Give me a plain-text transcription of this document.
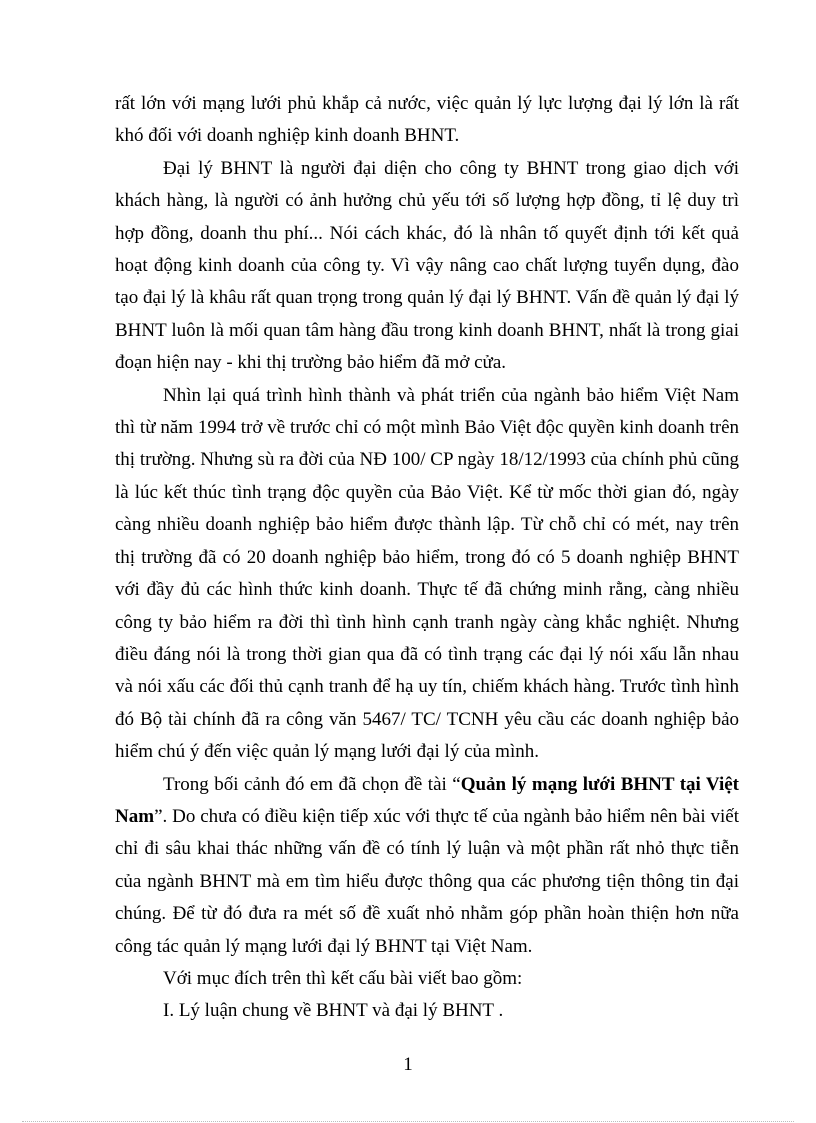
rất lớn với mạng lưới phủ khắp cả nước, việc quản lý lực lượng đại lý lớn là rất khó đối với doanh nghiệp kinh doanh BHNT.

Đại lý BHNT là người đại diện cho công ty BHNT trong giao dịch với khách hàng, là người có ảnh hưởng chủ yếu tới số lượng hợp đồng, tỉ lệ duy trì hợp đồng, doanh thu phí... Nói cách khác, đó là nhân tố quyết định tới kết quả hoạt động kinh doanh của công ty. Vì vậy nâng cao chất lượng tuyển dụng, đào tạo đại lý là khâu rất quan trọng trong quản lý đại lý BHNT. Vấn đề quản lý đại lý BHNT luôn là mối quan tâm hàng đầu trong kinh doanh BHNT, nhất là trong giai đoạn hiện nay - khi thị trường bảo hiểm đã mở cửa.

Nhìn lại quá trình hình thành và phát triển của ngành bảo hiểm Việt Nam thì từ năm 1994 trở về trước chỉ có một mình Bảo Việt độc quyền kinh doanh trên thị trường. Nhưng sù ra đời của NĐ 100/ CP ngày 18/12/1993 của chính phủ cũng là lúc kết thúc tình trạng độc quyền của Bảo Việt. Kể từ mốc thời gian đó, ngày càng nhiều doanh nghiệp bảo hiểm được thành lập. Từ chỗ chỉ có mét, nay trên thị trường đã có 20 doanh nghiệp bảo hiểm, trong đó có 5 doanh nghiệp BHNT với đầy đủ các hình thức kinh doanh. Thực tế đã chứng minh rằng, càng nhiều công ty bảo hiểm ra đời thì tình hình cạnh tranh ngày càng khắc nghiệt. Nhưng điều đáng nói là trong thời gian qua đã có tình trạng các đại lý nói xấu lẫn nhau và nói xấu các đối thủ cạnh tranh để hạ uy tín, chiếm khách hàng. Trước tình hình đó Bộ tài chính đã ra công văn 5467/ TC/ TCNH yêu cầu các doanh nghiệp bảo hiểm chú ý đến việc quản lý mạng lưới đại lý của mình.

Trong bối cảnh đó em đã chọn đề tài “Quản lý mạng lưới BHNT tại Việt Nam”. Do chưa có điều kiện tiếp xúc với thực tế của ngành bảo hiểm nên bài viết chỉ đi sâu khai thác những vấn đề có tính lý luận và một phần rất nhỏ thực tiễn của ngành BHNT mà em tìm hiểu được thông qua các phương tiện thông tin đại chúng. Để từ đó đưa ra mét số đề xuất nhỏ nhằm góp phần hoàn thiện hơn nữa công tác quản lý mạng lưới đại lý BHNT tại Việt Nam.

Với mục đích trên thì kết cấu bài viết bao gồm:

I. Lý luận chung về BHNT và đại lý BHNT .

1
